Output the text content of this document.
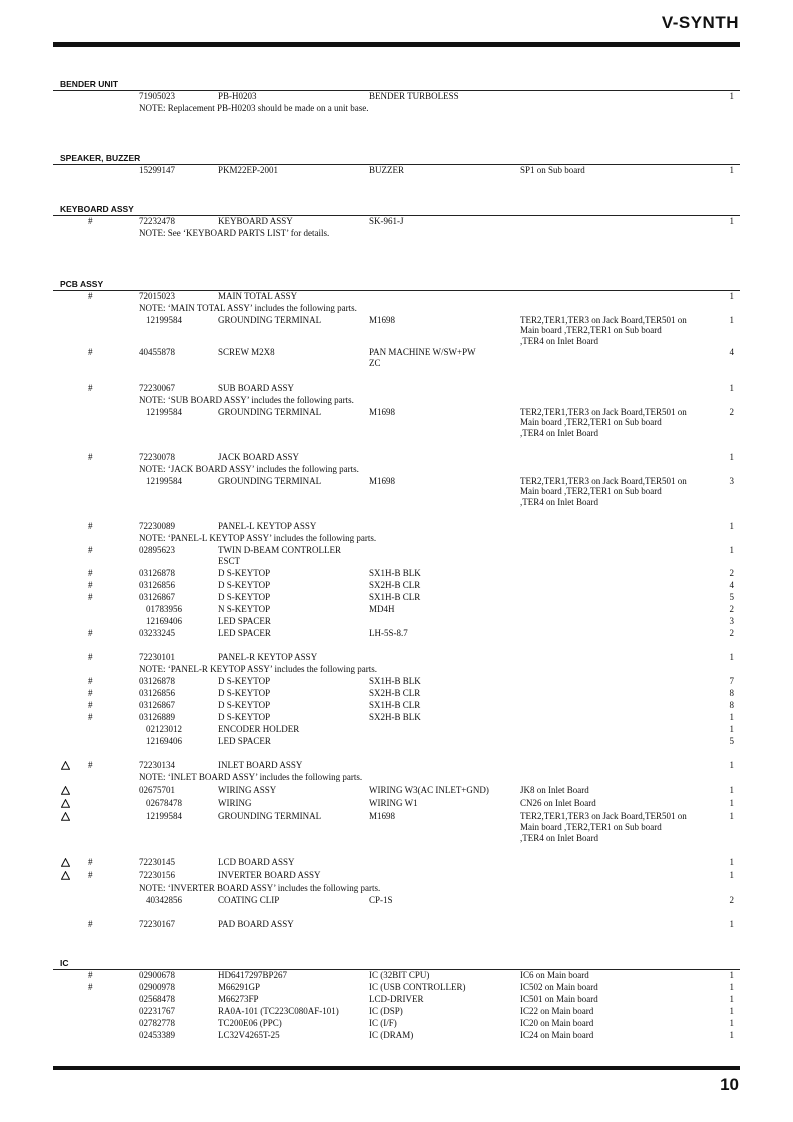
V-SYNTH
BENDER UNIT
71905023	PB-H0203	BENDER TURBOLESS	1
NOTE: Replacement PB-H0203 should be made on a unit base.
SPEAKER, BUZZER
15299147	PKM22EP-2001	BUZZER	SP1 on Sub board	1
KEYBOARD ASSY
#	72232478	KEYBOARD ASSY	SK-961-J	1
NOTE: See ‘KEYBOARD PARTS LIST’ for details.
PCB ASSY
#	72015023	MAIN TOTAL ASSY	1
NOTE: ‘MAIN TOTAL ASSY’ includes the following parts.
12199584	GROUNDING TERMINAL	M1698	TER2,TER1,TER3 on Jack Board,TER501 on	1
Main board ,TER2,TER1 on Sub board
,TER4 on Inlet Board
#	40455878	SCREW M2X8	PAN MACHINE W/SW+PW	4
ZC
#	72230067	SUB BOARD ASSY	1
NOTE: ‘SUB BOARD ASSY’ includes the following parts.
12199584	GROUNDING TERMINAL	M1698	TER2,TER1,TER3 on Jack Board,TER501 on	2
Main board ,TER2,TER1 on Sub board
,TER4 on Inlet Board
#	72230078	JACK BOARD ASSY	1
NOTE: ‘JACK BOARD ASSY’ includes the following parts.
12199584	GROUNDING TERMINAL	M1698	TER2,TER1,TER3 on Jack Board,TER501 on	3
Main board ,TER2,TER1 on Sub board
,TER4 on Inlet Board
#	72230089	PANEL-L KEYTOP ASSY	1
NOTE: ‘PANEL-L KEYTOP ASSY’ includes the following parts.
#	02895623	TWIN D-BEAM CONTROLLER	1
ESCT
#	03126878	D S-KEYTOP	SX1H-B BLK	2
#	03126856	D S-KEYTOP	SX2H-B CLR	4
#	03126867	D S-KEYTOP	SX1H-B CLR	5
01783956	N S-KEYTOP	MD4H	2
12169406	LED SPACER	3
#	03233245	LED SPACER	LH-5S-8.7	2
#	72230101	PANEL-R KEYTOP ASSY	1
NOTE: ‘PANEL-R KEYTOP ASSY’ includes the following parts.
#	03126878	D S-KEYTOP	SX1H-B BLK	7
#	03126856	D S-KEYTOP	SX2H-B CLR	8
#	03126867	D S-KEYTOP	SX1H-B CLR	8
#	03126889	D S-KEYTOP	SX2H-B BLK	1
02123012	ENCODER HOLDER	1
12169406	LED SPACER	5
#	72230134	INLET BOARD ASSY	1
NOTE: ‘INLET BOARD ASSY’ includes the following parts.
02675701	WIRING ASSY	WIRING W3(AC INLET+GND)	JK8 on Inlet Board	1
02678478	WIRING	WIRING W1	CN26 on Inlet Board	1
12199584	GROUNDING TERMINAL	M1698	TER2,TER1,TER3 on Jack Board,TER501 on	1
Main board ,TER2,TER1 on Sub board
,TER4 on Inlet Board
#	72230145	LCD BOARD ASSY	1
#	72230156	INVERTER BOARD ASSY	1
NOTE: ‘INVERTER BOARD ASSY’ includes the following parts.
40342856	COATING CLIP	CP-1S	2
#	72230167	PAD BOARD ASSY	1
IC
#	02900678	HD6417297BP267	IC (32BIT CPU)	IC6 on Main board	1
#	02900978	M66291GP	IC (USB CONTROLLER)	IC502 on Main board	1
02568478	M66273FP	LCD-DRIVER	IC501 on Main board	1
02231767	RA0A-101 (TC223C080AF-101)	IC (DSP)	IC22 on Main board	1
02782778	TC200E06 (PPC)	IC (I/F)	IC20 on Main board	1
02453389	LC32V4265T-25	IC (DRAM)	IC24 on Main board	1
10
